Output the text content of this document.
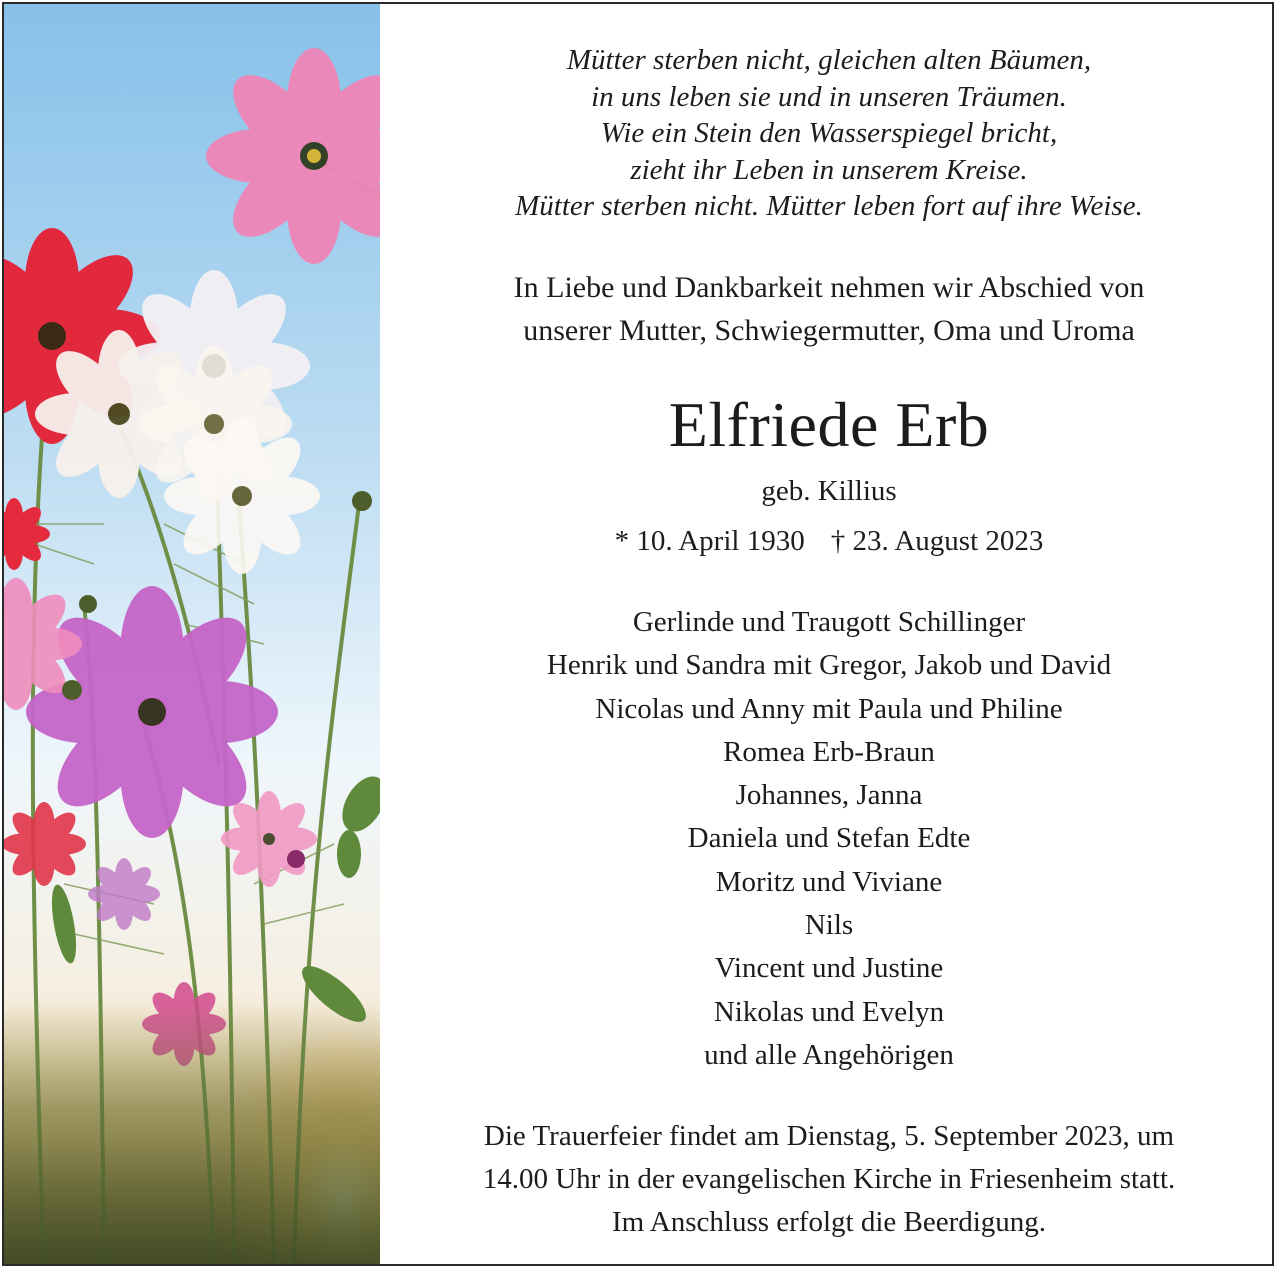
Mütter sterben nicht, gleichen alten Bäumen,
in uns leben sie und in unseren Träumen.
Wie ein Stein den Wasserspiegel bricht,
zieht ihr Leben in unserem Kreise.
Mütter sterben nicht. Mütter leben fort auf ihre Weise.
In Liebe und Dankbarkeit nehmen wir Abschied von
unserer Mutter, Schwiegermutter, Oma und Uroma
Elfriede Erb
geb. Killius
* 10. April 1930 † 23. August 2023
Gerlinde und Traugott Schillinger
Henrik und Sandra mit Gregor, Jakob und David
Nicolas und Anny mit Paula und Philine
Romea Erb-Braun
Johannes, Janna
Daniela und Stefan Edte
Moritz und Viviane
Nils
Vincent und Justine
Nikolas und Evelyn
und alle Angehörigen
Die Trauerfeier findet am Dienstag, 5. September 2023, um
14.00 Uhr in der evangelischen Kirche in Friesenheim statt.
Im Anschluss erfolgt die Beerdigung.
